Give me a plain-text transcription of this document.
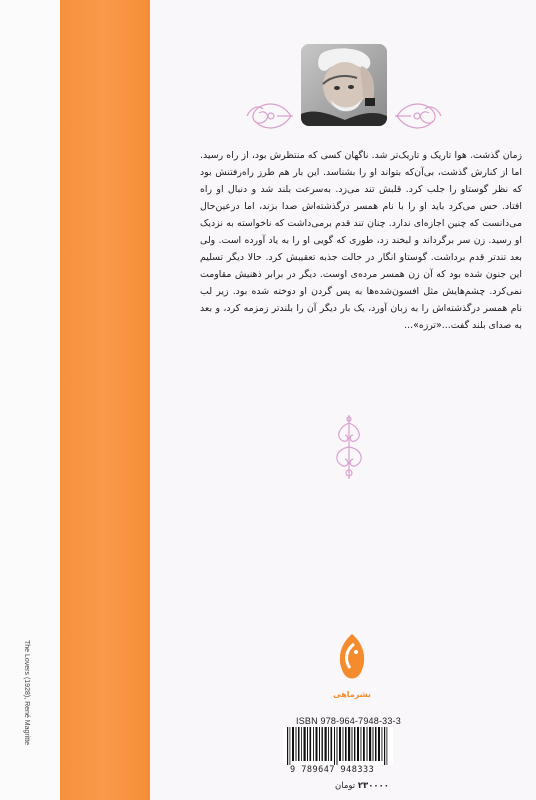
The Lovers (1928), René Magritte
زمان گذشت. هوا تاریک و تاریک‌تر شد. ناگهان کسی که منتظرش بود، از راه رسید. اما از کنارش گذشت، بی‌آن‌که بتواند او را بشناسد. این بار هم طرز راه‌رفتنش بود که نظر گوستاو را جلب کرد. قلبش تند می‌زد. به‌سرعت بلند شد و دنبال او راه افتاد. حس می‌کرد باید او را با نام همسر درگذشته‌اش صدا بزند، اما درعین‌حال می‌دانست که چنین اجازه‌ای ندارد. چنان تند قدم برمی‌داشت که ناخواسته به نزدیک او رسید. زن سر برگرداند و لبخند زد، طوری که گویی او را به یاد آورده است. ولی بعد تندتر قدم برداشت. گوستاو انگار در حالت جذبه تعقیبش کرد. حالا دیگر تسلیم این جنون شده بود که آن زن همسر مرده‌ی اوست. دیگر در برابر ذهنیش مقاومت نمی‌کرد. چشم‌هایش مثل افسون‌شده‌ها به پس گردن او دوخته شده بود. زیر لب نام همسر درگذشته‌اش را به زبان آورد، یک بار دیگر آن را بلندتر زمزمه کرد، و بعد به صدای بلند گفت...«ترزه»...
نشرماهی
ISBN 978-964-7948-33-3
9 789647 948333
۲۳۰۰۰۰ تومان
